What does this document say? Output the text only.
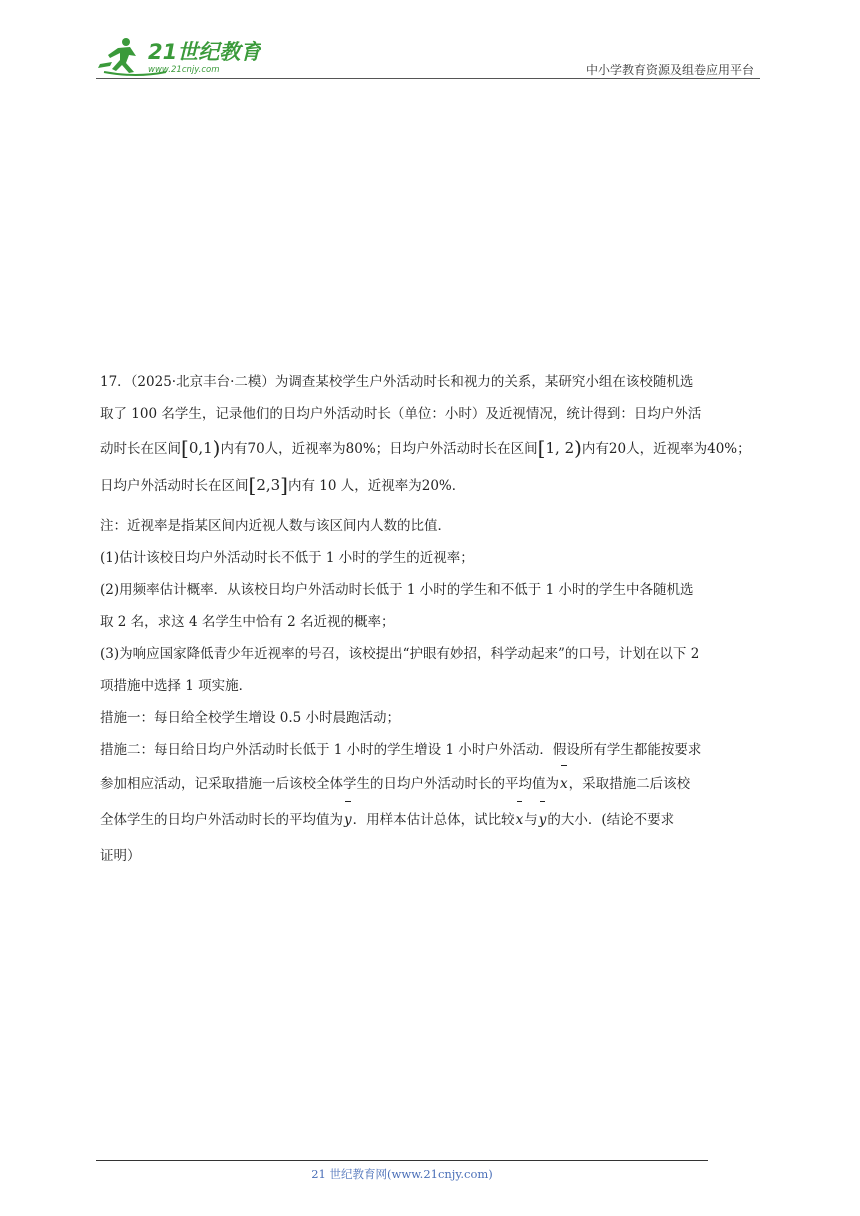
21世纪教育
www.21cnjy.com	中小学教育资源及组卷应用平台

17．（2025·北京丰台·二模）为调查某校学生户外活动时长和视力的关系，某研究小组在该校随机选

取了 100 名学生，记录他们的日均户外活动时长（单位：小时）及近视情况，统计得到：日均户外活

动时长在区间[0,1)内有70人，近视率为80%；日均户外活动时长在区间[1, 2)内有20人，近视率为40%；

日均户外活动时长在区间[2,3]内有 10 人，近视率为20%．

注：近视率是指某区间内近视人数与该区间内人数的比值．

(1)估计该校日均户外活动时长不低于 1 小时的学生的近视率；

(2)用频率估计概率．从该校日均户外活动时长低于 1 小时的学生和不低于 1 小时的学生中各随机选

取 2 名，求这 4 名学生中恰有 2 名近视的概率；

(3)为响应国家降低青少年近视率的号召，该校提出“护眼有妙招，科学动起来”的口号，计划在以下 2

项措施中选择 1 项实施．

措施一：每日给全校学生增设 0.5 小时晨跑活动；

措施二：每日给日均户外活动时长低于 1 小时的学生增设 1 小时户外活动．假设所有学生都能按要求

参加相应活动，记采取措施一后该校全体学生的日均户外活动时长的平均值为x，采取措施二后该校

全体学生的日均户外活动时长的平均值为y．用样本估计总体，试比较x与y的大小．(结论不要求

证明）

21 世纪教育网(www.21cnjy.com)
